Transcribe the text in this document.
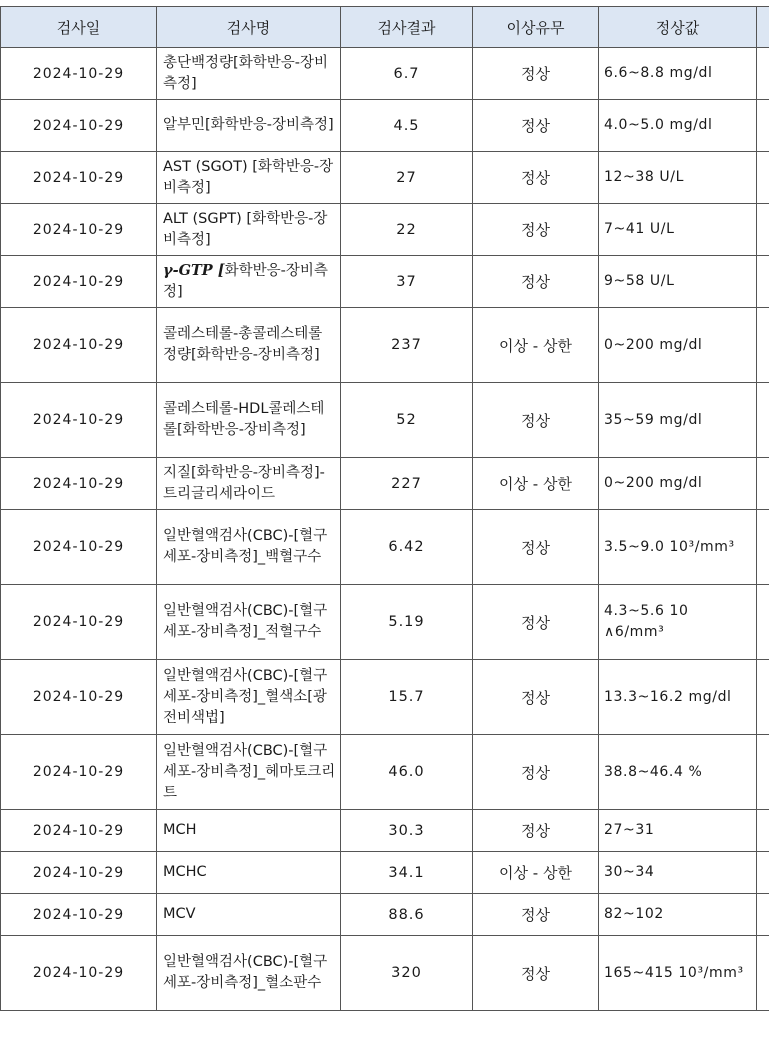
검사일	검사명	검사결과	이상유무	정상값	
2024-10-29	총단백정량[화학반응-장비측정]	6.7	정상	6.6~8.8 mg/dl	
2024-10-29	알부민[화학반응-장비측정]	4.5	정상	4.0~5.0 mg/dl	
2024-10-29	AST (SGOT) [화학반응-장비측정]	27	정상	12~38 U/L	
2024-10-29	ALT (SGPT) [화학반응-장비측정]	22	정상	7~41 U/L	
2024-10-29	γ-GTP [화학반응-장비측정]	37	정상	9~58 U/L	
2024-10-29	콜레스테롤-총콜레스테롤정량[화학반응-장비측정]	237	이상 - 상한	0~200 mg/dl	
2024-10-29	콜레스테롤-HDL콜레스테롤[화학반응-장비측정]	52	정상	35~59 mg/dl	
2024-10-29	지질[화학반응-장비측정]-트리글리세라이드	227	이상 - 상한	0~200 mg/dl	
2024-10-29	일반혈액검사(CBC)-[혈구세포-장비측정]_백혈구수	6.42	정상	3.5~9.0 10³/mm³	
2024-10-29	일반혈액검사(CBC)-[혈구세포-장비측정]_적혈구수	5.19	정상	4.3~5.6 10 ∧6/mm³	
2024-10-29	일반혈액검사(CBC)-[혈구세포-장비측정]_혈색소[광전비색법]	15.7	정상	13.3~16.2 mg/dl	
2024-10-29	일반혈액검사(CBC)-[혈구세포-장비측정]_헤마토크리트	46.0	정상	38.8~46.4 %	
2024-10-29	MCH	30.3	정상	27~31	
2024-10-29	MCHC	34.1	이상 - 상한	30~34	
2024-10-29	MCV	88.6	정상	82~102	
2024-10-29	일반혈액검사(CBC)-[혈구세포-장비측정]_혈소판수	320	정상	165~415 10³/mm³	
